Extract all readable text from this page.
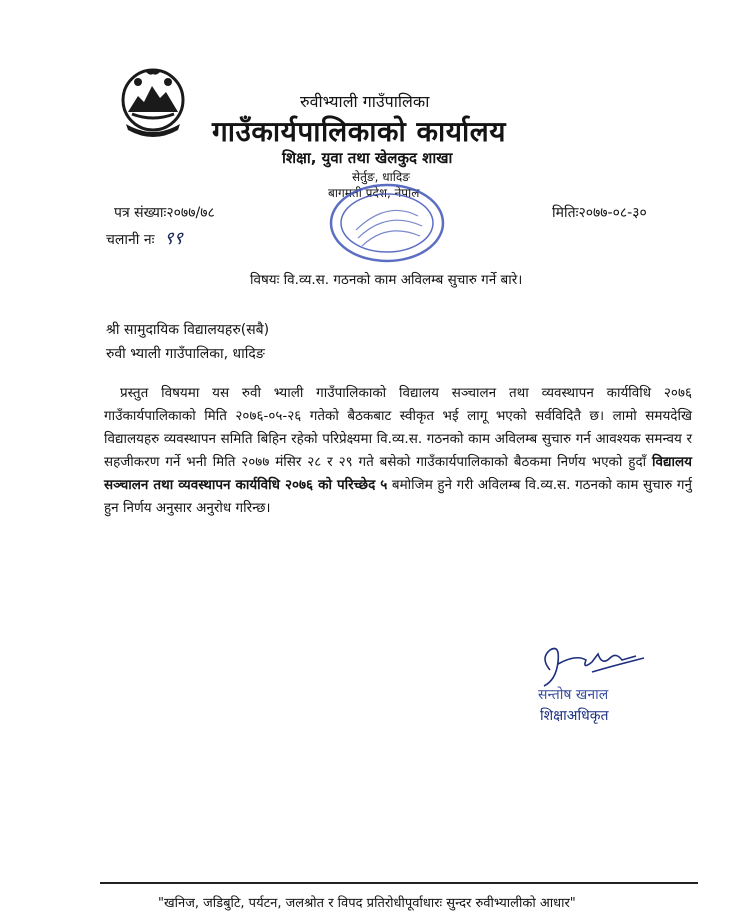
रुवीभ्याली गाउँपालिका
गाउँकार्यपालिकाको कार्यालय
शिक्षा, युवा तथा खेलकुद शाखा
सेर्तुङ, धादिङ
बागमती प्रदेश, नेपाल
पत्र संख्याः२०७७/७८
चलानी नः ९९
मितिः२०७७-०८-३०
विषयः वि.व्य.स. गठनको काम अविलम्ब सुचारु गर्ने बारे।
श्री सामुदायिक विद्यालयहरु(सबै)
रुवी भ्याली गाउँपालिका, धादिङ
प्रस्तुत विषयमा यस रुवी भ्याली गाउँपालिकाको विद्यालय सञ्चालन तथा व्यवस्थापन कार्यविधि २०७६ गाउँकार्यपालिकाको मिति २०७६-०५-२६ गतेको बैठकबाट स्वीकृत भई लागू भएको सर्वविदितै छ। लामो समयदेखि विद्यालयहरु व्यवस्थापन समिति बिहिन रहेको परिप्रेक्ष्यमा वि.व्य.स. गठनको काम अविलम्ब सुचारु गर्न आवश्यक समन्वय र सहजीकरण गर्ने भनी मिति २०७७ मंसिर २८ र २९ गते बसेको गाउँकार्यपालिकाको बैठकमा निर्णय भएको हुदाँ विद्यालय सञ्चालन तथा व्यवस्थापन कार्यविधि २०७६ को परिच्छेद ५ बमोजिम हुने गरी अविलम्ब वि.व्य.स. गठनको काम सुचारु गर्नु हुन निर्णय अनुसार अनुरोध गरिन्छ।
सन्तोष खनाल
शिक्षाअधिकृत
"खनिज, जडिबुटि, पर्यटन, जलश्रोत र विपद प्रतिरोधीपूर्वाधारः सुन्दर रुवीभ्यालीको आधार"
